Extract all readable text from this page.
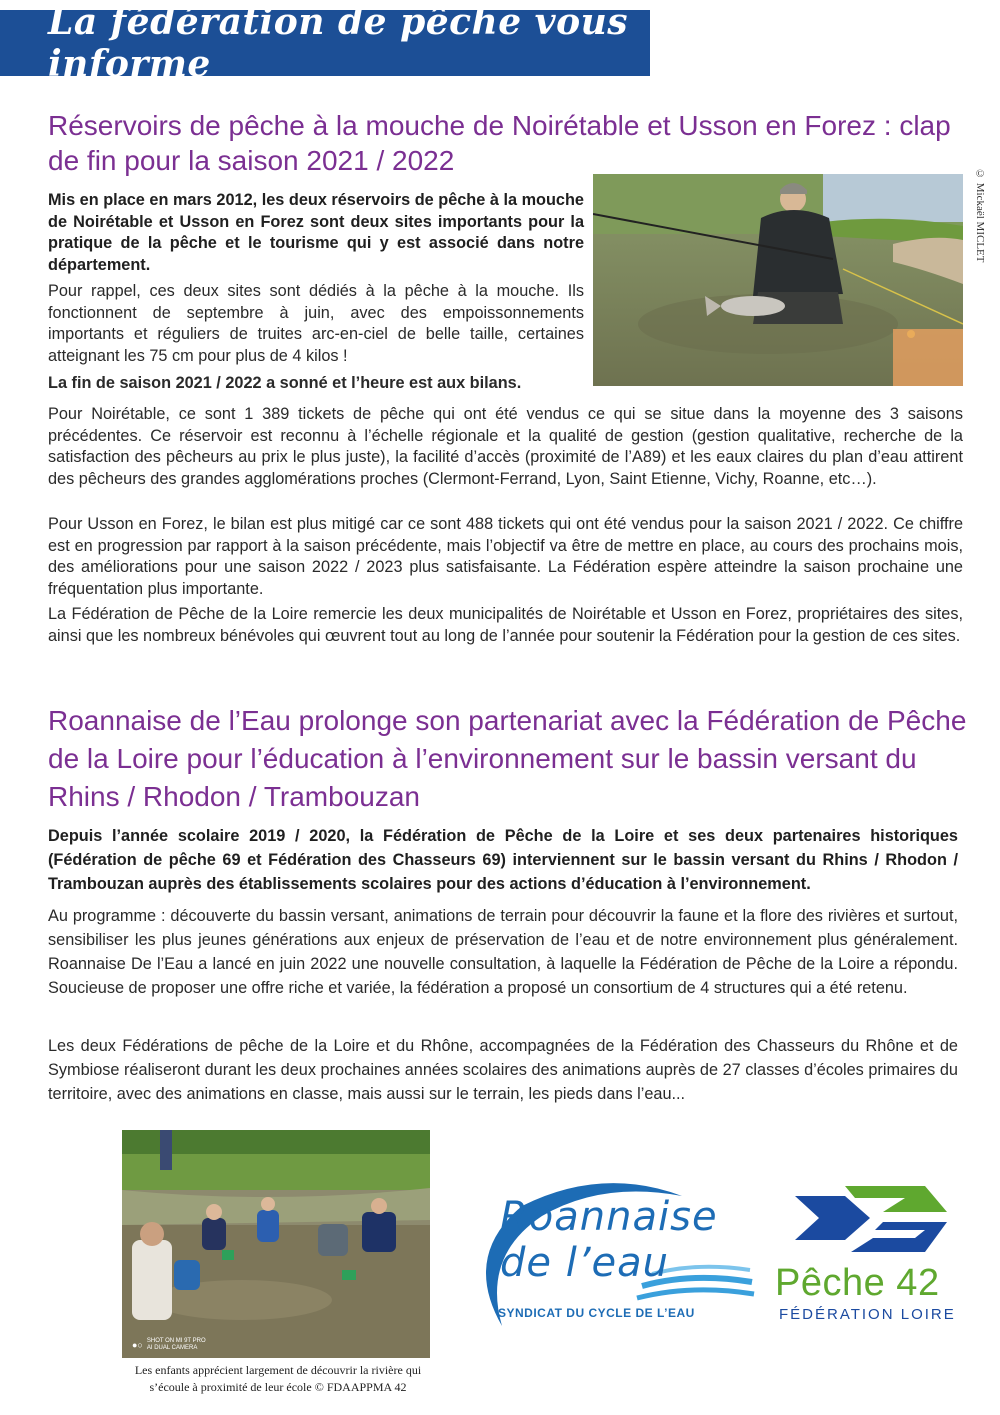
La fédération de pêche vous informe
Réservoirs de pêche à la mouche de Noirétable et Usson en Forez : clap de fin pour la saison 2021 / 2022

Mis en place en mars 2012, les deux réservoirs de pêche à la mouche de Noirétable et Usson en Forez sont deux sites importants pour la pratique de la pêche et le tourisme qui y est associé dans notre département.

Pour rappel, ces deux sites sont dédiés à la pêche à la mouche. Ils fonctionnent de septembre à juin, avec des empoissonnements importants et réguliers de truites arc-en-ciel de belle taille, certaines atteignant les 75 cm pour plus de 4 kilos !

La fin de saison 2021 / 2022 a sonné et l’heure est aux bilans.

Pour Noirétable, ce sont 1 389 tickets de pêche qui ont été vendus ce qui se situe dans la moyenne des 3 saisons précédentes. Ce réservoir est reconnu à l’échelle régionale et la qualité de gestion (gestion qualitative, recherche de la satisfaction des pêcheurs au prix le plus juste), la facilité d’accès (proximité de l’A89) et les eaux claires du plan d’eau attirent des pêcheurs des grandes agglomérations proches (Clermont-Ferrand, Lyon, Saint Etienne, Vichy, Roanne, etc…).

Pour Usson en Forez, le bilan est plus mitigé car ce sont 488 tickets qui ont été vendus pour la saison 2021 / 2022. Ce chiffre est en progression par rapport à la saison précédente, mais l’objectif va être de mettre en place, au cours des prochains mois, des améliorations pour une saison 2022 / 2023 plus satisfaisante. La Fédération espère atteindre la saison prochaine une fréquentation plus importante.

La Fédération de Pêche de la Loire remercie les deux municipalités de Noirétable et Usson en Forez, propriétaires des sites, ainsi que les nombreux bénévoles qui œuvrent tout au long de l’année pour soutenir la Fédération pour la gestion de ces sites.

© Mickaël MICLET
Roannaise de l’Eau prolonge son partenariat avec la Fédération de Pêche de la Loire pour l’éducation à l’environnement sur le bassin versant du Rhins / Rhodon / Trambouzan

Depuis l’année scolaire 2019 / 2020, la Fédération de Pêche de la Loire et ses deux partenaires historiques (Fédération de pêche 69 et Fédération des Chasseurs 69) interviennent sur le bassin versant du Rhins / Rhodon / Trambouzan auprès des établissements scolaires pour des actions d’éducation à l’environnement.

Au programme : découverte du bassin versant, animations de terrain pour découvrir la faune et la flore des rivières et surtout, sensibiliser les plus jeunes générations aux enjeux de préservation de l’eau et de notre environnement plus généralement. Roannaise De l’Eau a lancé en juin 2022 une nouvelle consultation, à laquelle la Fédération de Pêche de la Loire a répondu. Soucieuse de proposer une offre riche et variée, la fédération a proposé un consortium de 4 structures qui a été retenu.

Les deux Fédérations de pêche de la Loire et du Rhône, accompagnées de la Fédération des Chasseurs du Rhône et de Symbiose réaliseront durant les deux prochaines années scolaires des animations auprès de 27 classes d’écoles primaires du territoire, avec des animations en classe, mais aussi sur le terrain, les pieds dans l’eau...

●○ SHOT ON MI 9T PRO
AI DUAL CAMERA
Les enfants apprécient largement de découvrir la rivière qui s’écoule à proximité de leur école © FDAAPPMA 42
Roannaise
de l’eau
SYNDICAT DU CYCLE DE L’EAU
Pêche 42
FÉDÉRATION LOIRE
